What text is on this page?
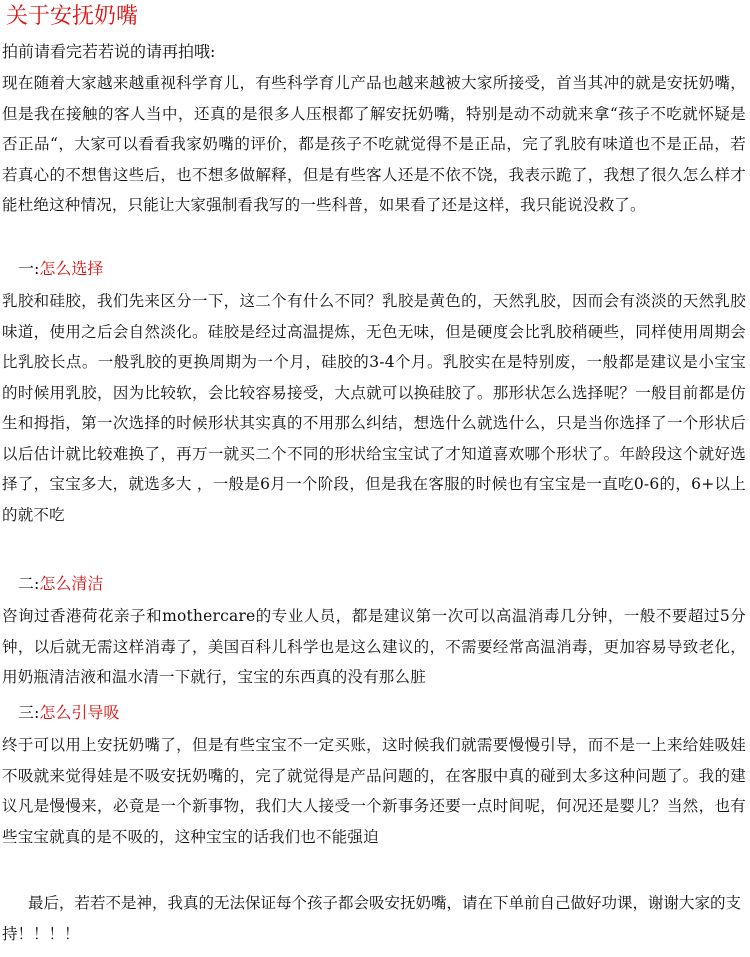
关于安抚奶嘴
拍前请看完若若说的请再拍哦:

现在随着大家越来越重视科学育儿，有些科学育儿产品也越来越被大家所接受，首当其冲的就是安抚奶嘴，但是我在接触的客人当中，还真的是很多人压根都了解安抚奶嘴，特别是动不动就来拿“孩子不吃就怀疑是否正品“，大家可以看看我家奶嘴的评价，都是孩子不吃就觉得不是正品，完了乳胶有味道也不是正品，若若真心的不想售这些后，也不想多做解释，但是有些客人还是不依不饶，我表示跪了，我想了很久怎么样才能杜绝这种情况，只能让大家强制看我写的一些科普，如果看了还是这样，我只能说没救了。

一:怎么选择

乳胶和硅胶，我们先来区分一下，这二个有什么不同？乳胶是黄色的，天然乳胶，因而会有淡淡的天然乳胶味道，使用之后会自然淡化。硅胶是经过高温提炼，无色无味，但是硬度会比乳胶稍硬些，同样使用周期会比乳胶长点。一般乳胶的更换周期为一个月，硅胶的3-4个月。乳胶实在是特别废，一般都是建议是小宝宝的时候用乳胶，因为比较软，会比较容易接受，大点就可以换硅胶了。那形状怎么选择呢？一般目前都是仿生和拇指，第一次选择的时候形状其实真的不用那么纠结，想选什么就选什么，只是当你选择了一个形状后以后估计就比较难换了，再万一就买二个不同的形状给宝宝试了才知道喜欢哪个形状了。年龄段这个就好选择了，宝宝多大，就选多大 ，一般是6月一个阶段，但是我在客服的时候也有宝宝是一直吃0-6的，6+以上的就不吃

二:怎么清洁

咨询过香港荷花亲子和mothercare的专业人员，都是建议第一次可以高温消毒几分钟，一般不要超过5分钟，以后就无需这样消毒了，美国百科儿科学也是这么建议的，不需要经常高温消毒，更加容易导致老化，用奶瓶清洁液和温水清一下就行，宝宝的东西真的没有那么脏

三:怎么引导吸

终于可以用上安抚奶嘴了，但是有些宝宝不一定买账，这时候我们就需要慢慢引导，而不是一上来给娃吸娃不吸就来觉得娃是不吸安抚奶嘴的，完了就觉得是产品问题的，在客服中真的碰到太多这种问题了。我的建议凡是慢慢来，必竟是一个新事物，我们大人接受一个新事务还要一点时间呢，何况还是婴儿？当然，也有些宝宝就真的是不吸的，这种宝宝的话我们也不能强迫

最后，若若不是神，我真的无法保证每个孩子都会吸安抚奶嘴，请在下单前自己做好功课，谢谢大家的支持！！！！
